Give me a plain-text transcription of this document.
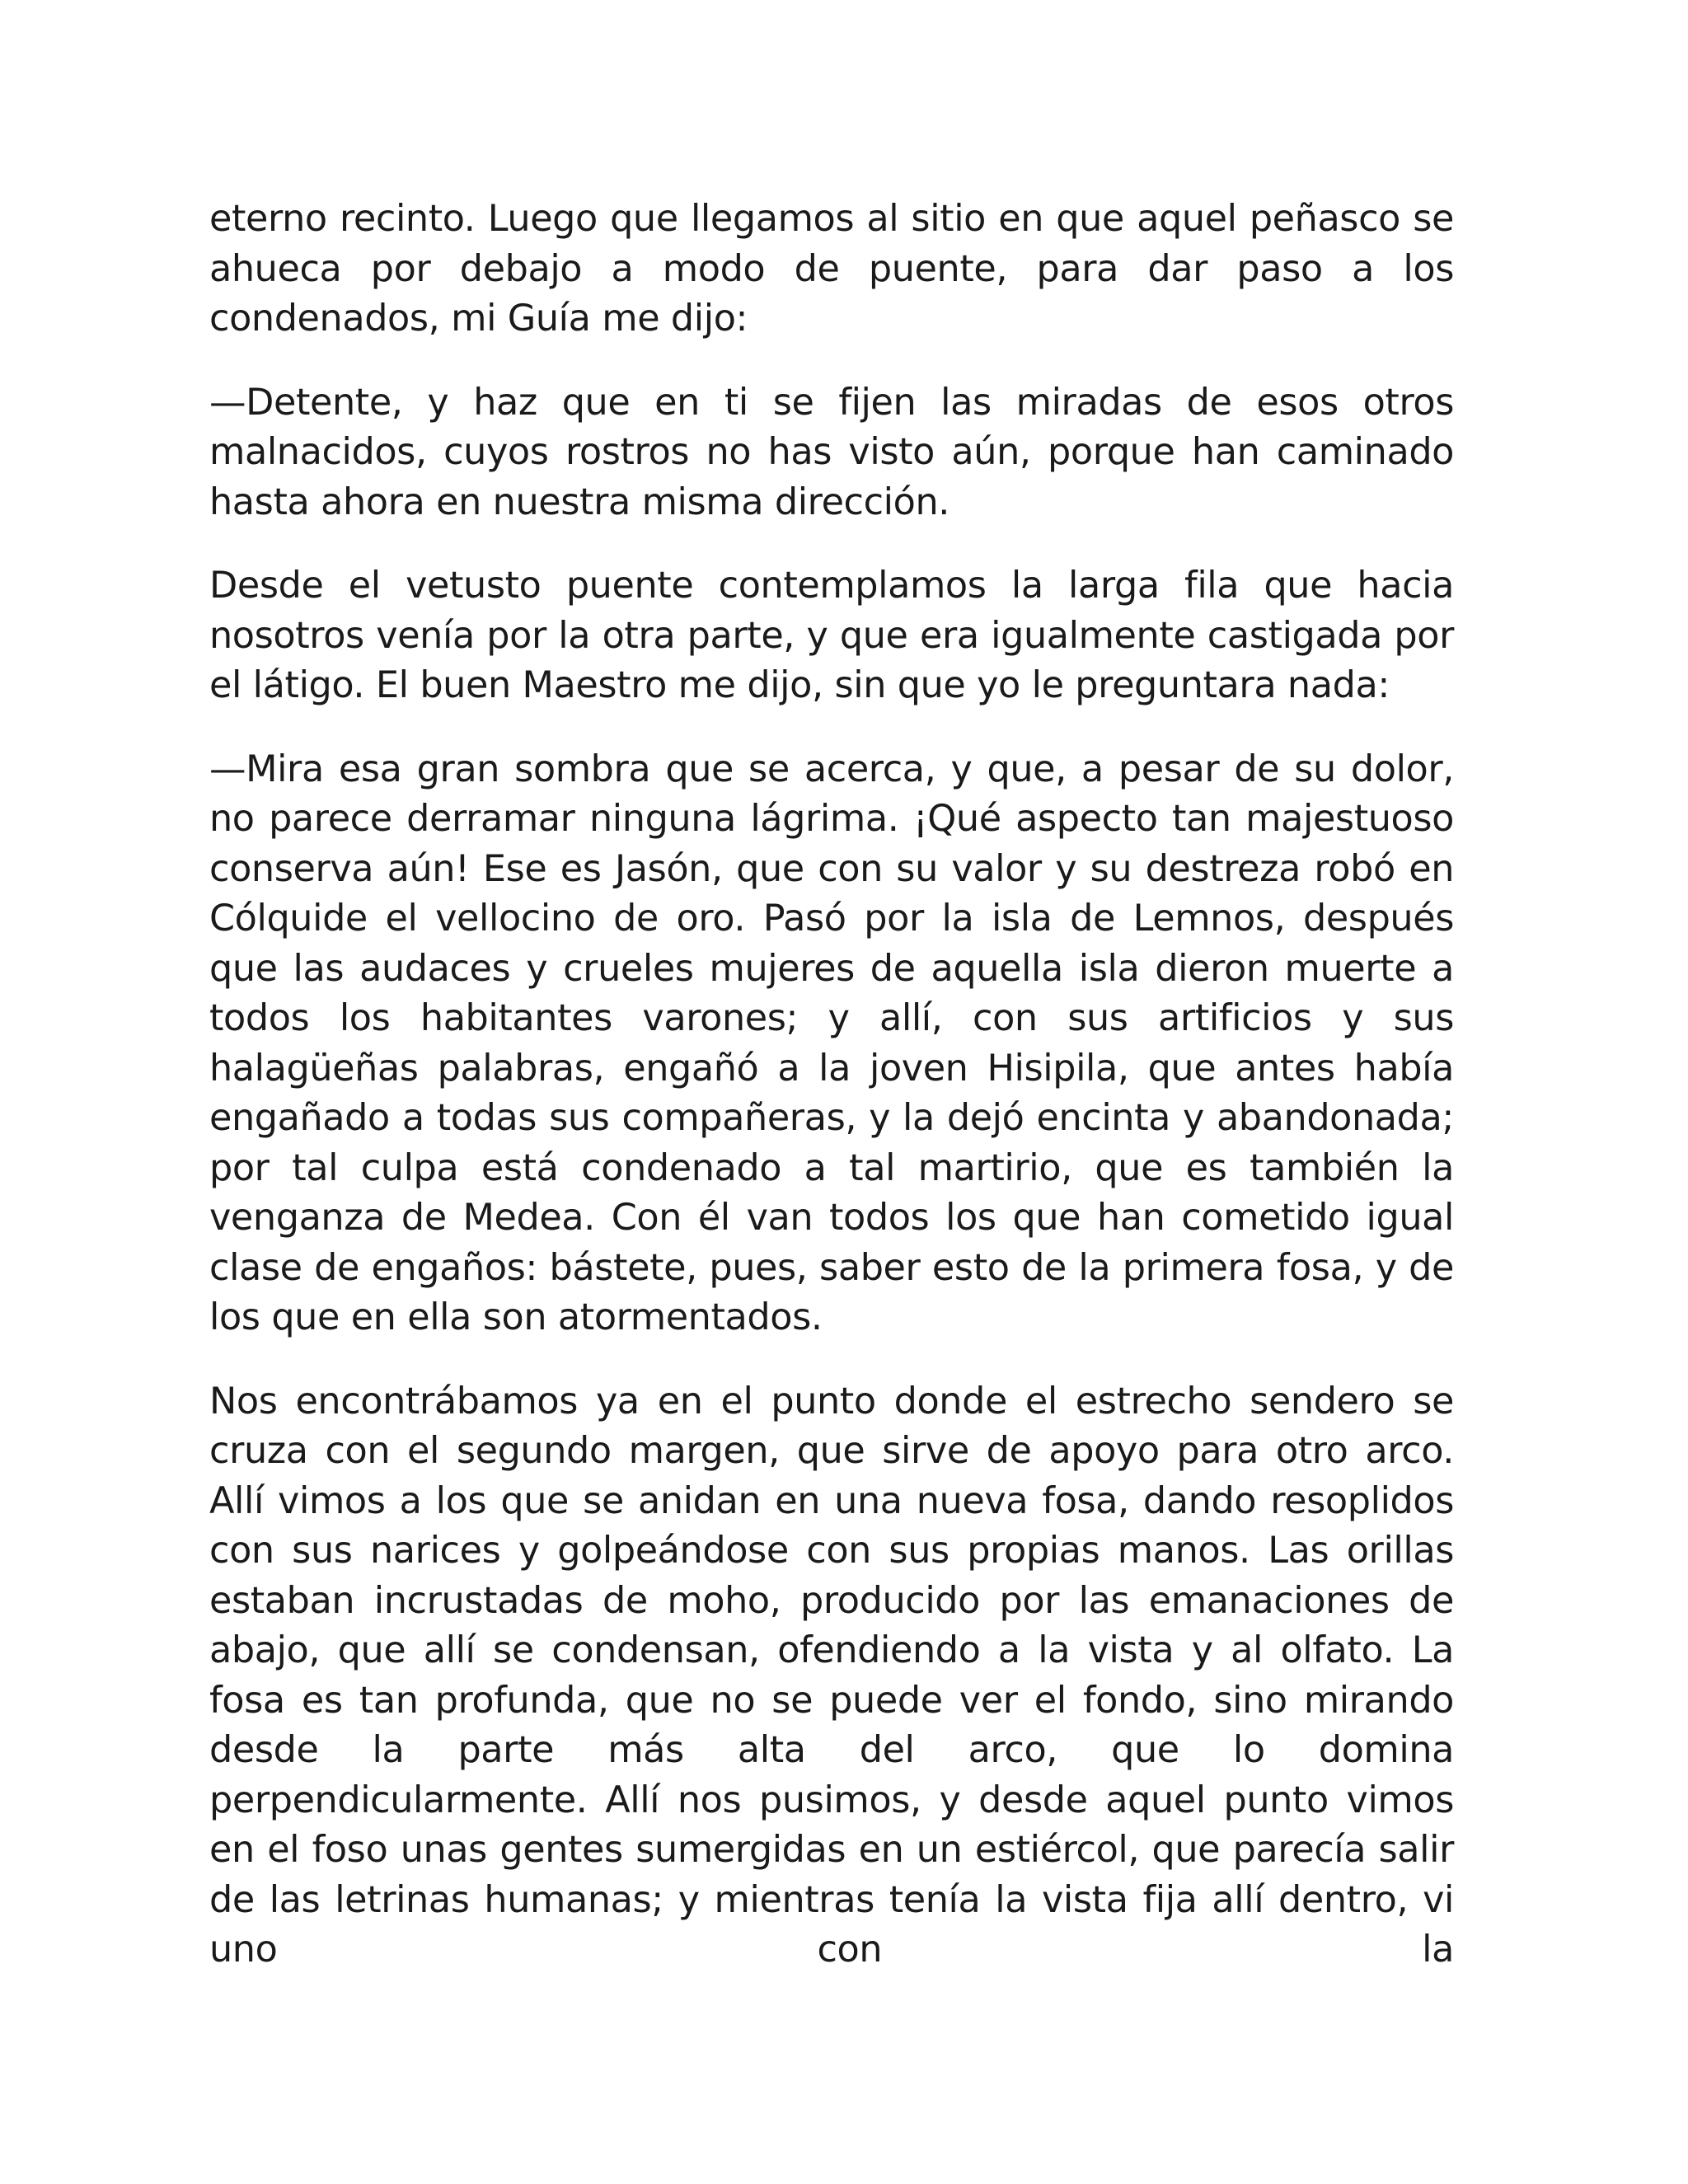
eterno recinto. Luego que llegamos al sitio en que aquel peñasco se ahueca por debajo a modo de puente, para dar paso a los condenados, mi Guía me dijo:

—Detente, y haz que en ti se fijen las miradas de esos otros malnacidos, cuyos rostros no has visto aún, porque han caminado hasta ahora en nuestra misma dirección.

Desde el vetusto puente contemplamos la larga fila que hacia nosotros venía por la otra parte, y que era igualmente castigada por el látigo. El buen Maestro me dijo, sin que yo le preguntara nada:

—Mira esa gran sombra que se acerca, y que, a pesar de su dolor, no parece derramar ninguna lágrima. ¡Qué aspecto tan majestuoso conserva aún! Ese es Jasón, que con su valor y su destreza robó en Cólquide el vellocino de oro. Pasó por la isla de Lemnos, después que las audaces y crueles mujeres de aquella isla dieron muerte a todos los habitantes varones; y allí, con sus artificios y sus halagüeñas palabras, engañó a la joven Hisipila, que antes había engañado a todas sus compañeras, y la dejó encinta y abandonada; por tal culpa está condenado a tal martirio, que es también la venganza de Medea. Con él van todos los que han cometido igual clase de engaños: bástete, pues, saber esto de la primera fosa, y de los que en ella son atormentados.

Nos encontrábamos ya en el punto donde el estrecho sendero se cruza con el segundo margen, que sirve de apoyo para otro arco. Allí vimos a los que se anidan en una nueva fosa, dando resoplidos con sus narices y golpeándose con sus propias manos. Las orillas estaban incrustadas de moho, producido por las emanaciones de abajo, que allí se condensan, ofendiendo a la vista y al olfato. La fosa es tan profunda, que no se puede ver el fondo, sino mirando desde la parte más alta del arco, que lo domina perpendicularmente. Allí nos pusimos, y desde aquel punto vimos en el foso unas gentes sumergidas en un estiércol, que parecía salir de las letrinas humanas; y mientras tenía la vista fija allí dentro, vi uno con la
